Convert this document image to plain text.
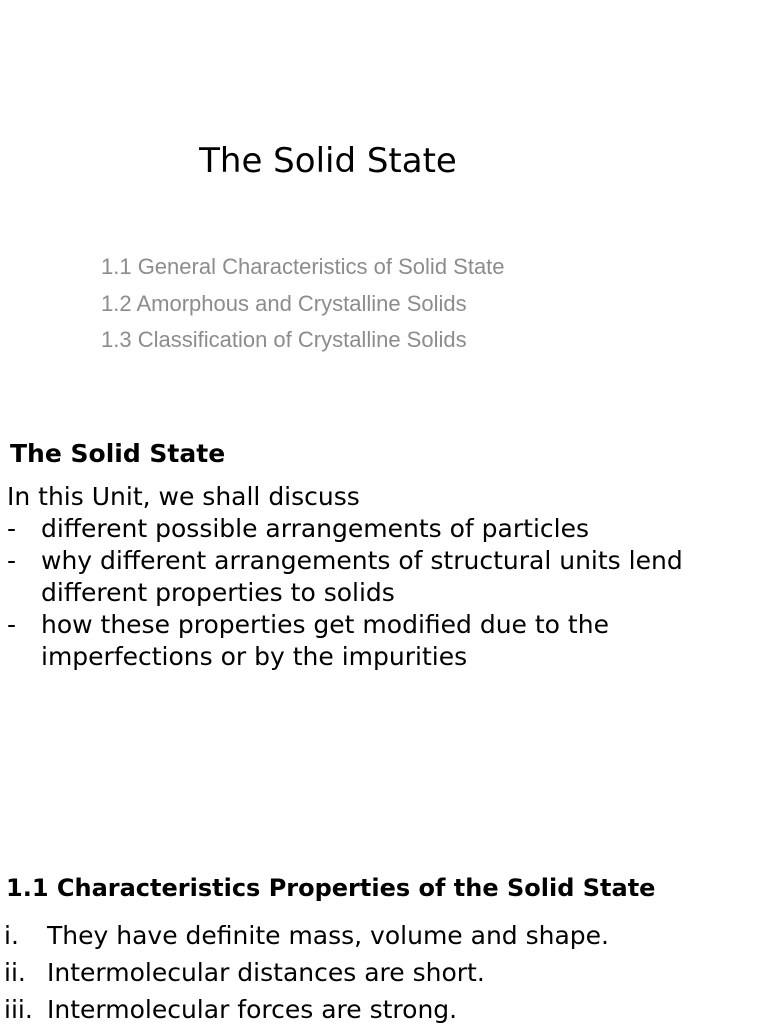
The Solid State
1.1 General Characteristics of Solid State
1.2 Amorphous and Crystalline Solids
1.3 Classification of Crystalline Solids
The Solid State
In this Unit, we shall discuss
- different possible arrangements of particles
- why different arrangements of structural units lend different properties to solids
- how these properties get modified due to the imperfections or by the impurities
1.1 Characteristics Properties of the Solid State
i.	They have definite mass, volume and shape.
ii. Intermolecular distances are short.
iii. Intermolecular forces are strong.
